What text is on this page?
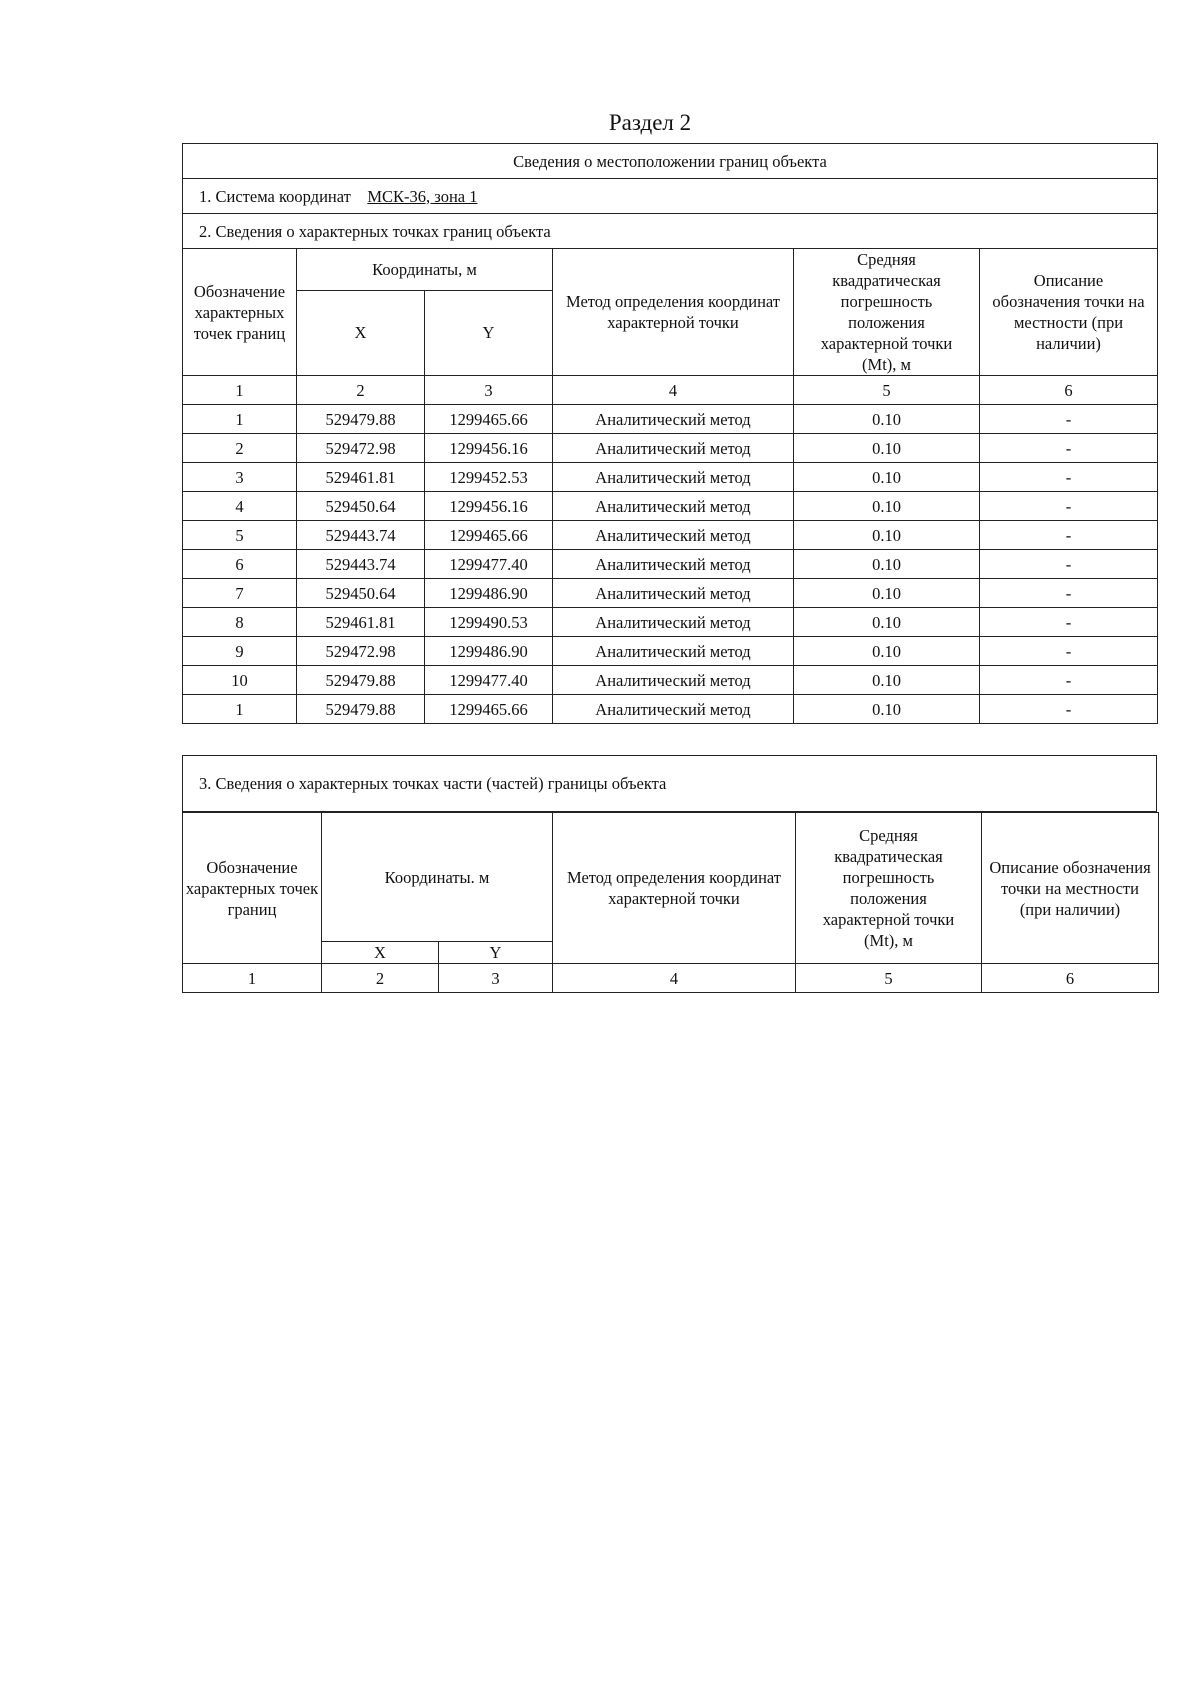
Раздел 2
Сведения о местоположении границ объекта					
1. Система координат МСК-36, зона 1					
2. Сведения о характерных точках границ объекта					
Обозначение характерных точек границ	Координаты, м		Метод определения координат характерной точки	Средняя квадратическая погрешность положения характерной точки (Mt), м	Описание обозначения точки на местности (при наличии)
	X	Y			
1	2	3	4	5	6
1	529479.88	1299465.66	Аналитический метод	0.10	-
2	529472.98	1299456.16	Аналитический метод	0.10	-
3	529461.81	1299452.53	Аналитический метод	0.10	-
4	529450.64	1299456.16	Аналитический метод	0.10	-
5	529443.74	1299465.66	Аналитический метод	0.10	-
6	529443.74	1299477.40	Аналитический метод	0.10	-
7	529450.64	1299486.90	Аналитический метод	0.10	-
8	529461.81	1299490.53	Аналитический метод	0.10	-
9	529472.98	1299486.90	Аналитический метод	0.10	-
10	529479.88	1299477.40	Аналитический метод	0.10	-
1	529479.88	1299465.66	Аналитический метод	0.10	-
3. Сведения о характерных точках части (частей) границы объекта
Обозначение характерных точек границ	Координаты. м		Метод определения координат характерной точки	Средняя квадратическая погрешность положения характерной точки (Mt), м	Описание обозначения точки на местности (при наличии)
	X	Y			
1	2	3	4	5	6
